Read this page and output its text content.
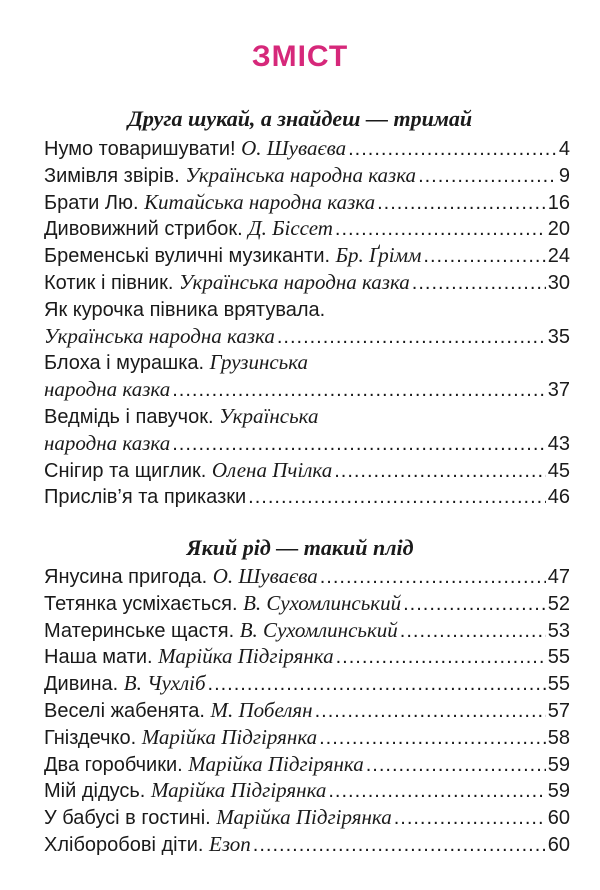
ЗМІСТ
Друга шукай, а знайдеш — тримай
Нумо товаришувати! О. Шуваєва .....	4
Зимівля звірів. Українська народна казка .....	9
Брати Лю. Китайська народна казка .....	16
Дивовижний стрибок. Д. Біссет .....	20
Бременські вуличні музиканти. Бр. Ґрімм .....	24
Котик і півник. Українська народна казка .....	30
Як курочка півника врятувала.
Українська народна казка .....	35
Блоха і мурашка. Грузинська
народна казка .....	37
Ведмідь і павучок. Українська
народна казка .....	43
Снігир та щиглик. Олена Пчілка .....	45
Прислів’я та приказки .....	46
Який рід — такий плід
Янусина пригода. О. Шуваєва .....	47
Тетянка усміхається. В. Сухомлинський .....	52
Материнське щастя. В. Сухомлинський .....	53
Наша мати. Марійка Підгірянка .....	55
Дивина. В. Чухліб .....	55
Веселі жабенята. М. Побелян .....	57
Гніздечко. Марійка Підгірянка .....	58
Два горобчики. Марійка Підгірянка .....	59
Мій дідусь. Марійка Підгірянка .....	59
У бабусі в гостині. Марійка Підгірянка .....	60
Хліборобові діти. Езоп .....	60
